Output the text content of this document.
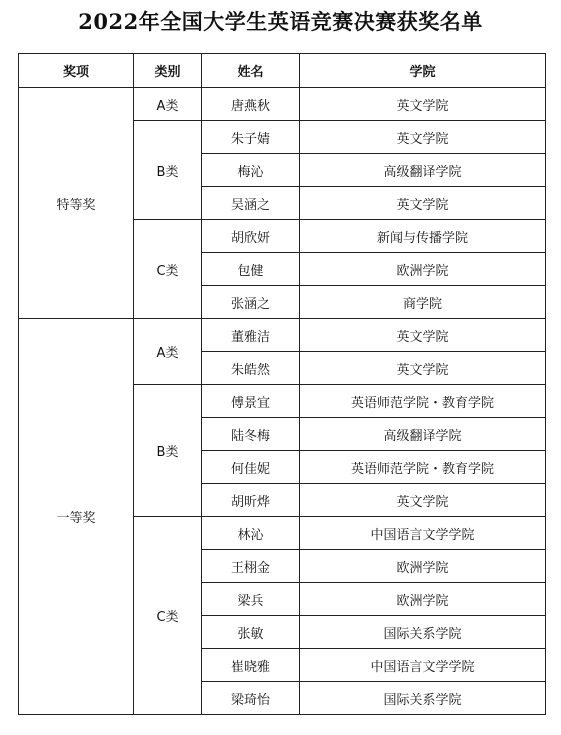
2022年全国大学生英语竞赛决赛获奖名单
奖项	类别	姓名	学院
特等奖	A类	唐燕秋	英文学院
	B类	朱子婧	英文学院
		梅沁	高级翻译学院
		吴涵之	英文学院
	C类	胡欣妍	新闻与传播学院
		包健	欧洲学院
		张涵之	商学院
一等奖	A类	董雅洁	英文学院
		朱皓然	英文学院
	B类	傅景宜	英语师范学院・教育学院
		陆冬梅	高级翻译学院
		何佳妮	英语师范学院・教育学院
		胡昕烨	英文学院
	C类	林沁	中国语言文学学院
		王栩金	欧洲学院
		梁兵	欧洲学院
		张敏	国际关系学院
		崔晓雅	中国语言文学学院
		梁琦怡	国际关系学院
